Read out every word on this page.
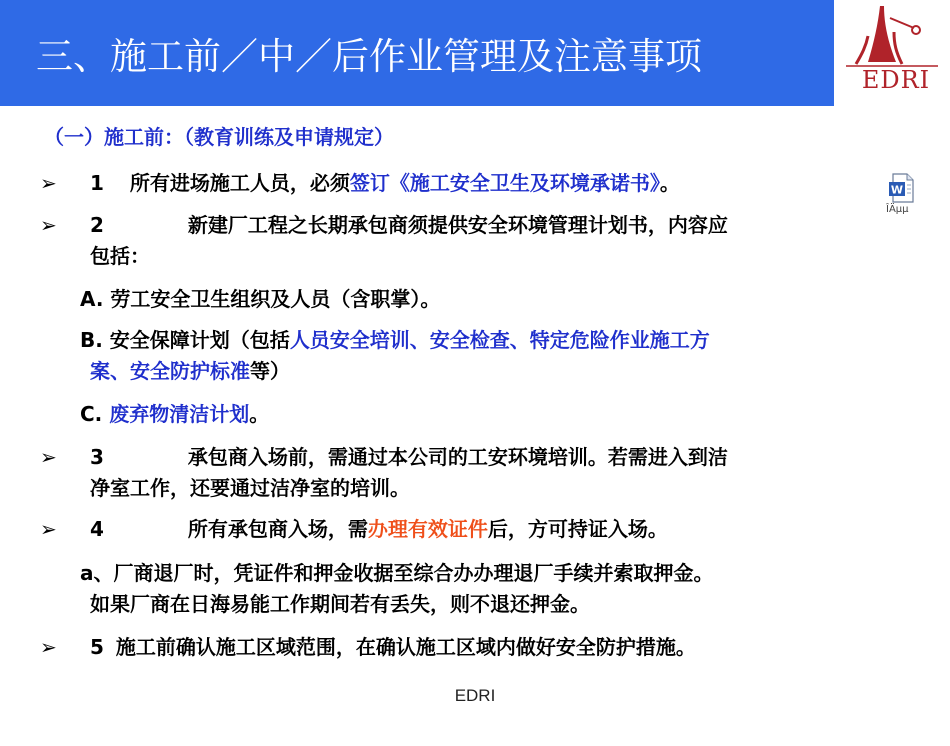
三、施工前／中／后作业管理及注意事项
EDRI
（一）施工前：（教育训练及申请规定）
➢ 1 所有进场施工人员，必须签订《施工安全卫生及环境承诺书》。
➢ 2	新建厂工程之长期承包商须提供安全环境管理计划书，内容应
包括：
A. 劳工安全卫生组织及人员（含职掌）。
B. 安全保障计划（包括人员安全培训、安全检查、特定危险作业施工方
案、安全防护标准等）
C. 废弃物清洁计划。
➢ 3	承包商入场前，需通过本公司的工安环境培训。若需进入到洁
净室工作，还要通过洁净室的培训。
➢ 4	所有承包商入场，需办理有效证件后，方可持证入场。
a、厂商退厂时，凭证件和押金收据至综合办办理退厂手续并索取押金。
如果厂商在日海易能工作期间若有丢失，则不退还押金。
➢ 5 施工前确认施工区域范围，在确认施工区域内做好安全防护措施。
W
ÎÄµµ
EDRI
